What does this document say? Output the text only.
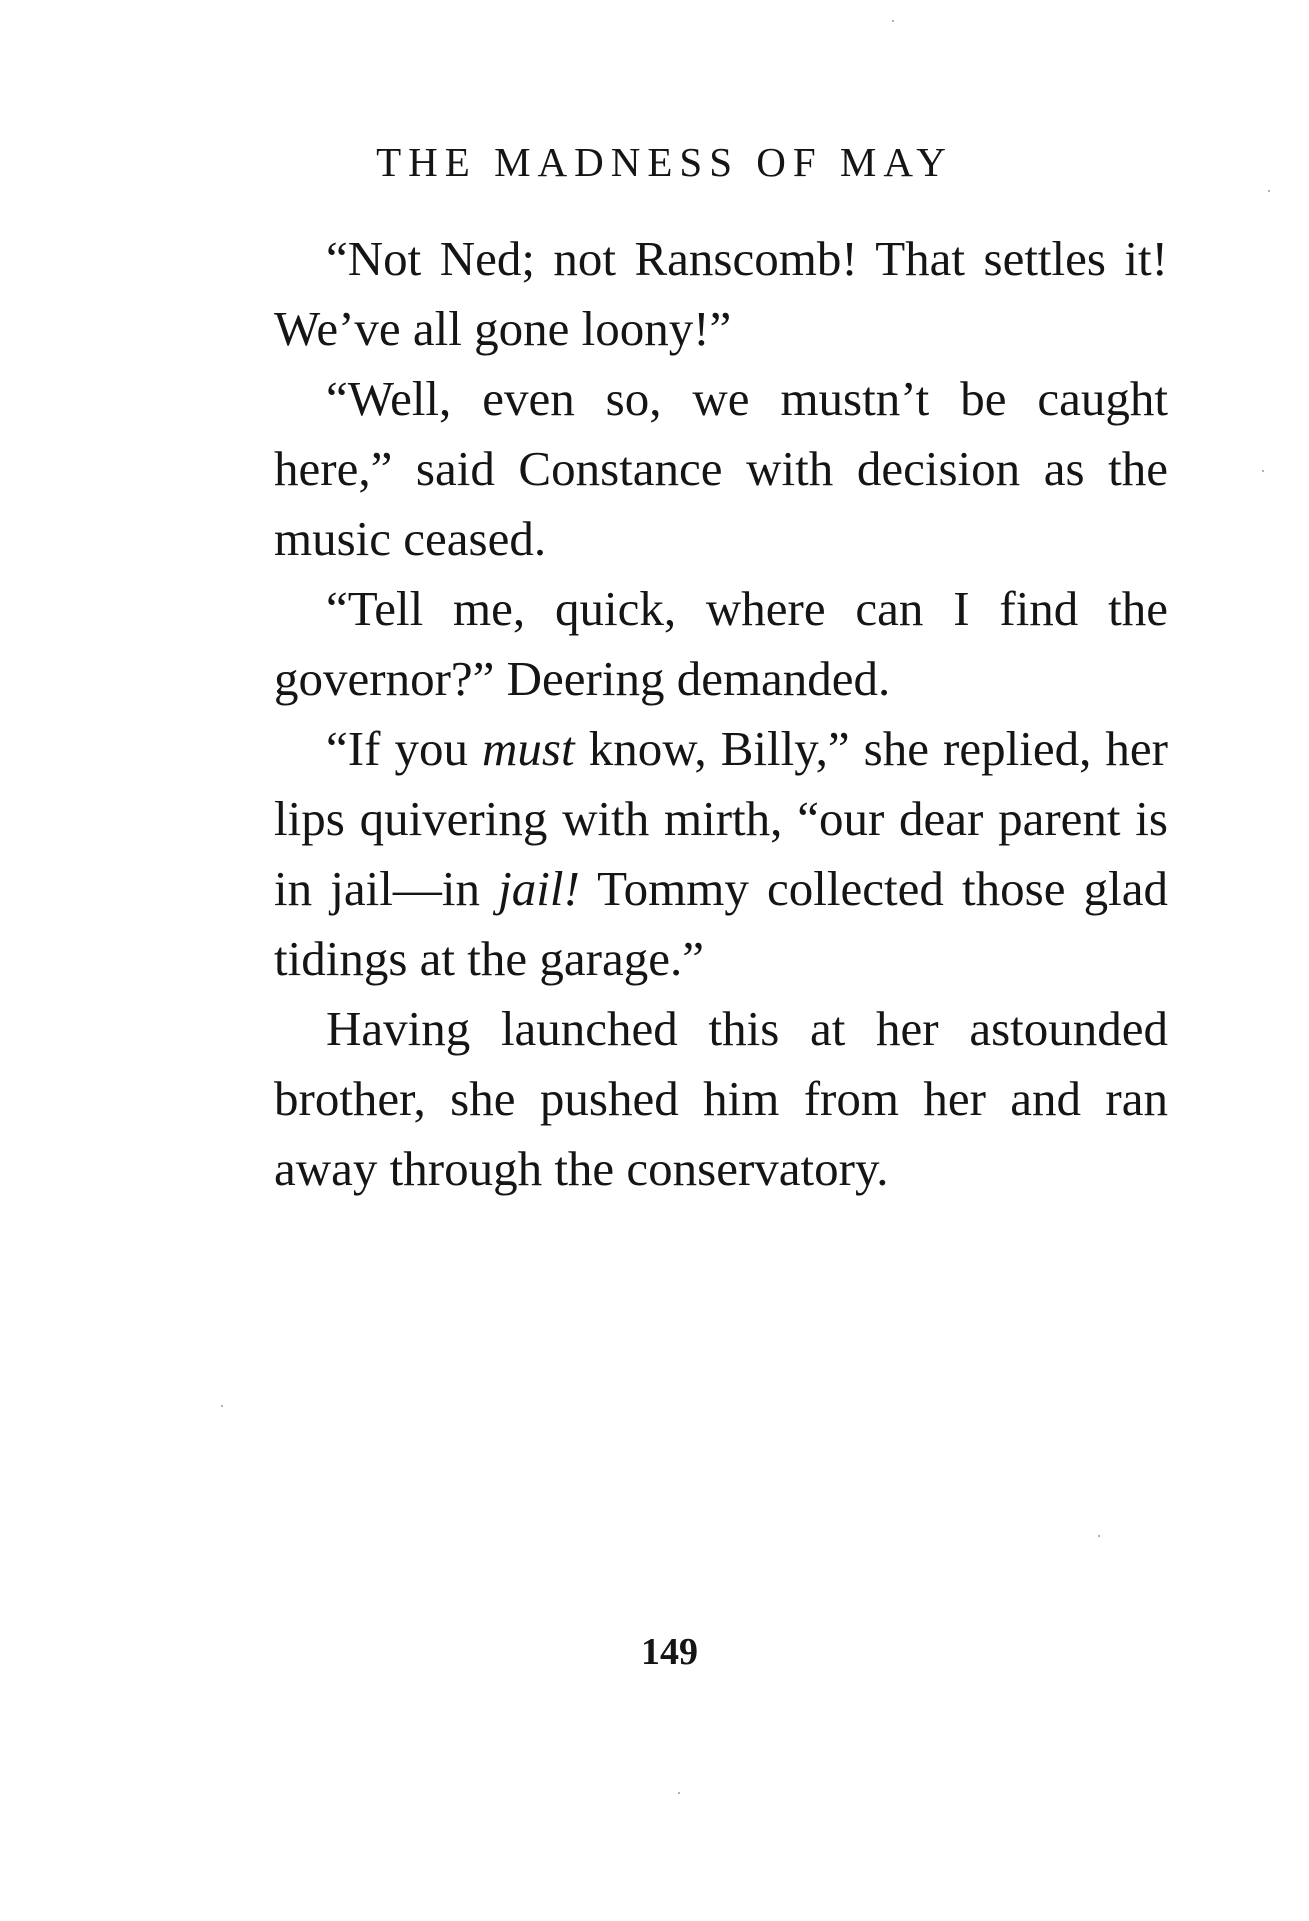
THE MADNESS OF MAY

“Not Ned; not Ranscomb! That settles it! We’ve all gone loony!”

“Well, even so, we mustn’t be caught here,” said Constance with decision as the music ceased.

“Tell me, quick, where can I find the governor?” Deering demanded.

“If you must know, Billy,” she replied, her lips quivering with mirth, “our dear parent is in jail—in jail! Tommy collected those glad tidings at the garage.”

Having launched this at her astounded brother, she pushed him from her and ran away through the conservatory.

149
